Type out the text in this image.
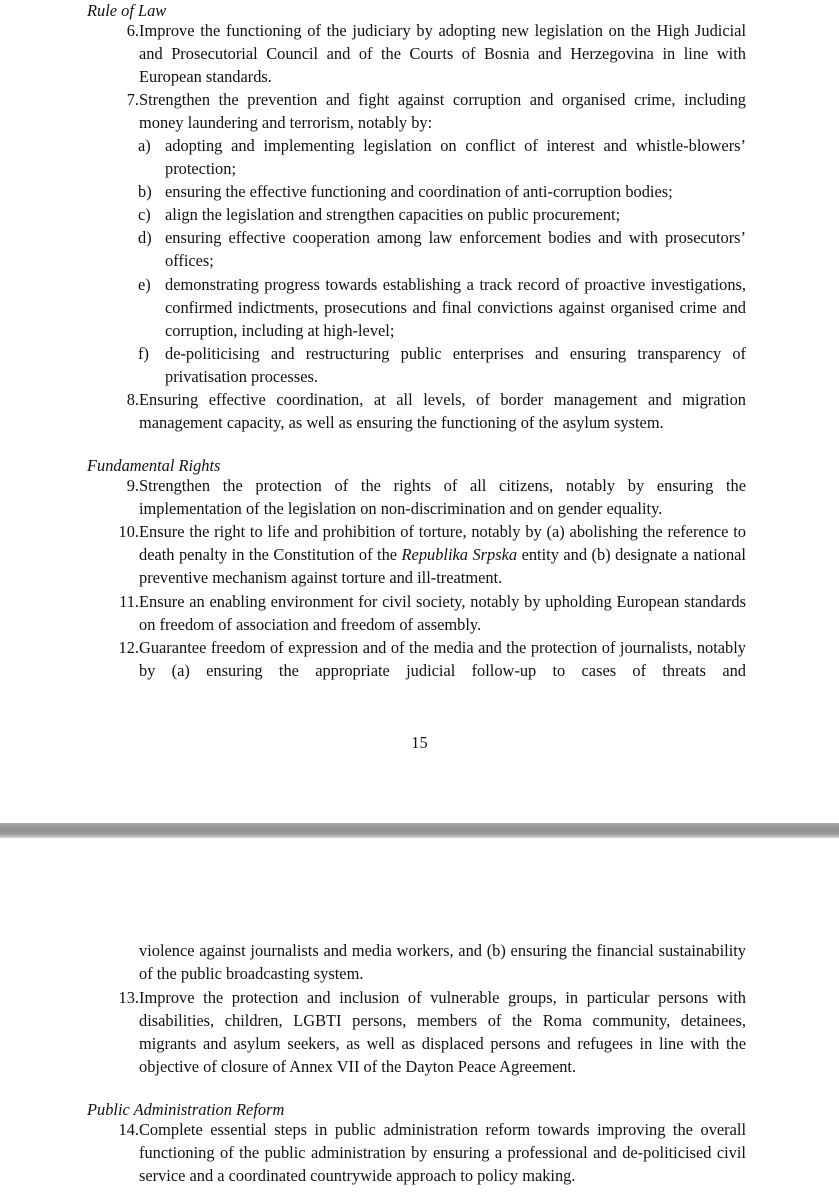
Rule of Law
6. Improve the functioning of the judiciary by adopting new legislation on the High Judicial and Prosecutorial Council and of the Courts of Bosnia and Herzegovina in line with European standards.
7. Strengthen the prevention and fight against corruption and organised crime, including money laundering and terrorism, notably by:
a) adopting and implementing legislation on conflict of interest and whistle-blowers’ protection;
b) ensuring the effective functioning and coordination of anti-corruption bodies;
c) align the legislation and strengthen capacities on public procurement;
d) ensuring effective cooperation among law enforcement bodies and with prosecutors’ offices;
e) demonstrating progress towards establishing a track record of proactive investigations, confirmed indictments, prosecutions and final convictions against organised crime and corruption, including at high-level;
f) de-politicising and restructuring public enterprises and ensuring transparency of privatisation processes.
8. Ensuring effective coordination, at all levels, of border management and migration management capacity, as well as ensuring the functioning of the asylum system.
Fundamental Rights
9. Strengthen the protection of the rights of all citizens, notably by ensuring the implementation of the legislation on non-discrimination and on gender equality.
10. Ensure the right to life and prohibition of torture, notably by (a) abolishing the reference to death penalty in the Constitution of the Republika Srpska entity and (b) designate a national preventive mechanism against torture and ill-treatment.
11. Ensure an enabling environment for civil society, notably by upholding European standards on freedom of association and freedom of assembly.
12. Guarantee freedom of expression and of the media and the protection of journalists, notably by (a) ensuring the appropriate judicial follow-up to cases of threats and
15
violence against journalists and media workers, and (b) ensuring the financial sustainability of the public broadcasting system.
13. Improve the protection and inclusion of vulnerable groups, in particular persons with disabilities, children, LGBTI persons, members of the Roma community, detainees, migrants and asylum seekers, as well as displaced persons and refugees in line with the objective of closure of Annex VII of the Dayton Peace Agreement.
Public Administration Reform
14. Complete essential steps in public administration reform towards improving the overall functioning of the public administration by ensuring a professional and de-politicised civil service and a coordinated countrywide approach to policy making.
